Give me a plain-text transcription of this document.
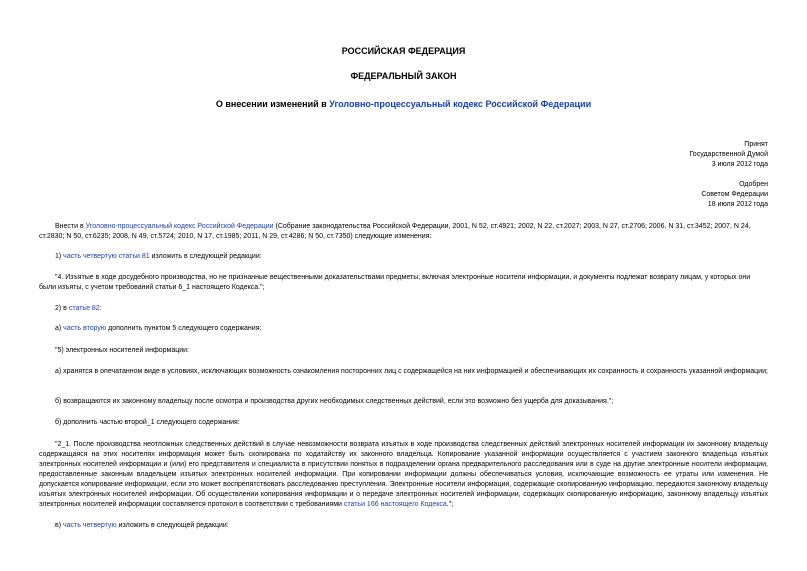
РОССИЙСКАЯ ФЕДЕРАЦИЯ
ФЕДЕРАЛЬНЫЙ ЗАКОН
О внесении изменений в Уголовно-процессуальный кодекс Российской Федерации
Принят
Государственной Думой
3 июля 2012 года
Одобрен
Советом Федерации
18 июля 2012 года
Внести в Уголовно-процессуальный кодекс Российской Федерации (Собрание законодательства Российской Федерации, 2001, N 52, ст.4921; 2002, N 22, ст.2027; 2003, N 27, ст.2706; 2006, N 31, ст.3452; 2007, N 24, ст.2830; N 50, ст.6235; 2008, N 49, ст.5724; 2010, N 17, ст.1985; 2011, N 29, ст.4286; N 50, ст.7350) следующие изменения:
1) часть четвертую статьи 81 изложить в следующей редакции:
"4. Изъятые в ходе досудебного производства, но не признанные вещественными доказательствами предметы, включая электронные носители информации, и документы подлежат возврату лицам, у которых они были изъяты, с учетом требований статьи 6_1 настоящего Кодекса.";
2) в статье 82:
а) часть вторую дополнить пунктом 5 следующего содержания:
"5) электронных носителей информации:
а) хранятся в опечатанном виде в условиях, исключающих возможность ознакомления посторонних лиц с содержащейся на них информацией и обеспечивающих их сохранность и сохранность указанной информации;
б) возвращаются их законному владельцу после осмотра и производства других необходимых следственных действий, если это возможно без ущерба для доказывания.";
б) дополнить частью второй_1 следующего содержания:
"2_1. После производства неотложных следственных действий в случае невозможности возврата изъятых в ходе производства следственных действий электронных носителей информации их законному владельцу содержащаяся на этих носителях информация может быть скопирована по ходатайству их законного владельца. Копирование указанной информации осуществляется с участием законного владельца изъятых электронных носителей информации и (или) его представителя и специалиста в присутствии понятых в подразделении органа предварительного расследования или в суде на другие электронные носители информации, предоставленные законным владельцем изъятых электронных носителей информации. При копировании информации должны обеспечиваться условия, исключающие возможность ее утраты или изменения. Не допускается копирование информации, если это может воспрепятствовать расследованию преступления. Электронные носители информации, содержащие скопированную информацию, передаются законному владельцу изъятых электронных носителей информации. Об осуществлении копирования информации и о передаче электронных носителей информации, содержащих скопированную информацию, законному владельцу изъятых электронных носителей информации составляется протокол в соответствии с требованиями статьи 166 настоящего Кодекса.";
в) часть четвертую изложить в следующей редакции:
